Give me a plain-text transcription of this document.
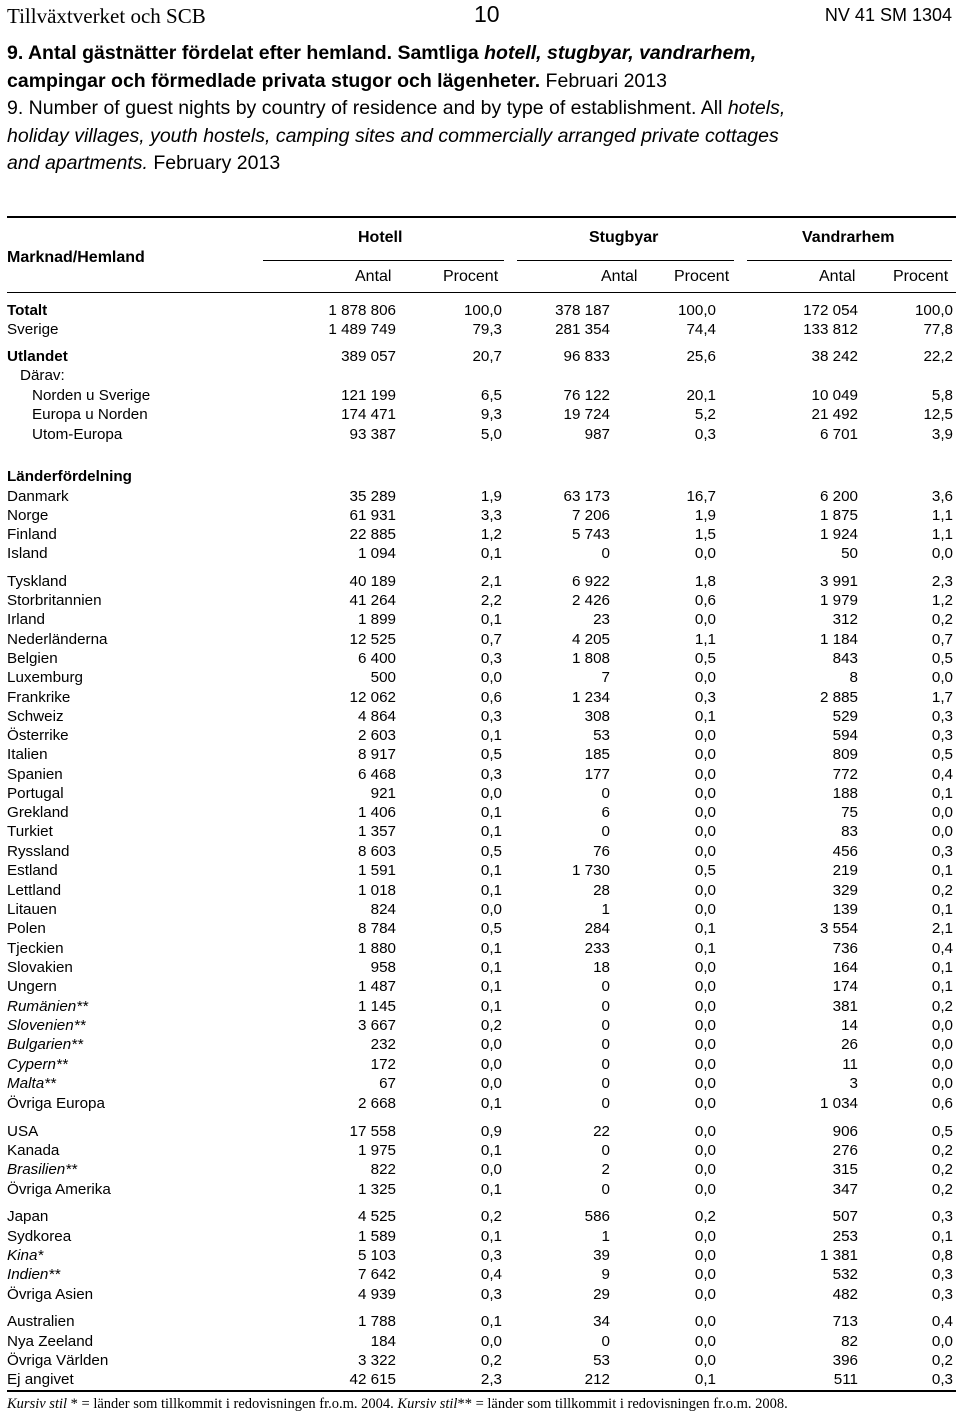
Tillväxtverket och SCB	10	NV 41 SM 1304
9. Antal gästnätter fördelat efter hemland. Samtliga hotell, stugbyar, vandrarhem,
campingar och förmedlade privata stugor och lägenheter. Februari 2013
9. Number of guest nights by country of residence and by type of establishment. All hotels,
holiday villages, youth hostels, camping sites and commercially arranged private cottages
and apartments. February 2013
Marknad/Hemland
Hotell	Stugbyar	Vandrarhem
Antal	Procent	Antal Procent	Antal Procent
Totalt	1 878 806	100,0	378 187	100,0	172 054	100,0
Sverige	1 489 749	79,3	281 354	74,4	133 812	77,8
Utlandet	389 057	20,7	96 833	25,6	38 242	22,2
Därav:
Norden u Sverige	121 199	6,5	76 122	20,1	10 049	5,8
Europa u Norden	174 471	9,3	19 724	5,2	21 492	12,5
Utom-Europa	93 387	5,0	987	0,3	6 701	3,9
Länderfördelning
Danmark	35 289	1,9	63 173	16,7	6 200	3,6
Norge	61 931	3,3	7 206	1,9	1 875	1,1
Finland	22 885	1,2	5 743	1,5	1 924	1,1
Island	1 094	0,1	0	0,0	50	0,0
Tyskland	40 189	2,1	6 922	1,8	3 991	2,3
Storbritannien	41 264	2,2	2 426	0,6	1 979	1,2
Irland	1 899	0,1	23	0,0	312	0,2
Nederländerna	12 525	0,7	4 205	1,1	1 184	0,7
Belgien	6 400	0,3	1 808	0,5	843	0,5
Luxemburg	500	0,0	7	0,0	8	0,0
Frankrike	12 062	0,6	1 234	0,3	2 885	1,7
Schweiz	4 864	0,3	308	0,1	529	0,3
Österrike	2 603	0,1	53	0,0	594	0,3
Italien	8 917	0,5	185	0,0	809	0,5
Spanien	6 468	0,3	177	0,0	772	0,4
Portugal	921	0,0	0	0,0	188	0,1
Grekland	1 406	0,1	6	0,0	75	0,0
Turkiet	1 357	0,1	0	0,0	83	0,0
Ryssland	8 603	0,5	76	0,0	456	0,3
Estland	1 591	0,1	1 730	0,5	219	0,1
Lettland	1 018	0,1	28	0,0	329	0,2
Litauen	824	0,0	1	0,0	139	0,1
Polen	8 784	0,5	284	0,1	3 554	2,1
Tjeckien	1 880	0,1	233	0,1	736	0,4
Slovakien	958	0,1	18	0,0	164	0,1
Ungern	1 487	0,1	0	0,0	174	0,1
Rumänien**	1 145	0,1	0	0,0	381	0,2
Slovenien**	3 667	0,2	0	0,0	14	0,0
Bulgarien**	232	0,0	0	0,0	26	0,0
Cypern**	172	0,0	0	0,0	11	0,0
Malta**	67	0,0	0	0,0	3	0,0
Övriga Europa	2 668	0,1	0	0,0	1 034	0,6
USA	17 558	0,9	22	0,0	906	0,5
Kanada	1 975	0,1	0	0,0	276	0,2
Brasilien**	822	0,0	2	0,0	315	0,2
Övriga Amerika	1 325	0,1	0	0,0	347	0,2
Japan	4 525	0,2	586	0,2	507	0,3
Sydkorea	1 589	0,1	1	0,0	253	0,1
Kina*	5 103	0,3	39	0,0	1 381	0,8
Indien**	7 642	0,4	9	0,0	532	0,3
Övriga Asien	4 939	0,3	29	0,0	482	0,3
Australien	1 788	0,1	34	0,0	713	0,4
Nya Zeeland	184	0,0	0	0,0	82	0,0
Övriga Världen	3 322	0,2	53	0,0	396	0,2
Ej angivet	42 615	2,3	212	0,1	511	0,3
Kursiv stil * = länder som tillkommit i redovisningen fr.o.m. 2004. Kursiv stil** = länder som tillkommit i redovisningen fr.o.m. 2008.
